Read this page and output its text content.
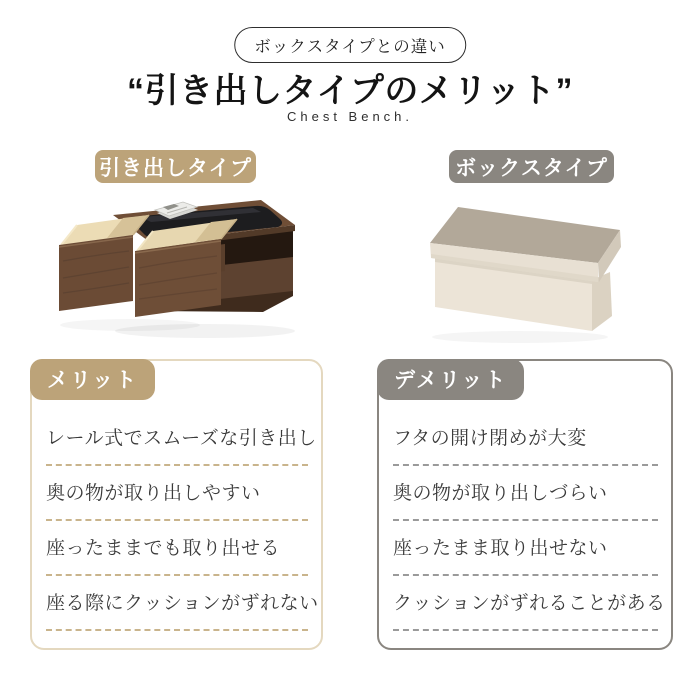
ボックスタイプとの違い
“引き出しタイプのメリット”
Chest Bench.
引き出しタイプ	ボックスタイプ
メリット
レール式でスムーズな引き出し
奥の物が取り出しやすい
座ったままでも取り出せる
座る際にクッションがずれない
デメリット
フタの開け閉めが大変
奥の物が取り出しづらい
座ったまま取り出せない
クッションがずれることがある
